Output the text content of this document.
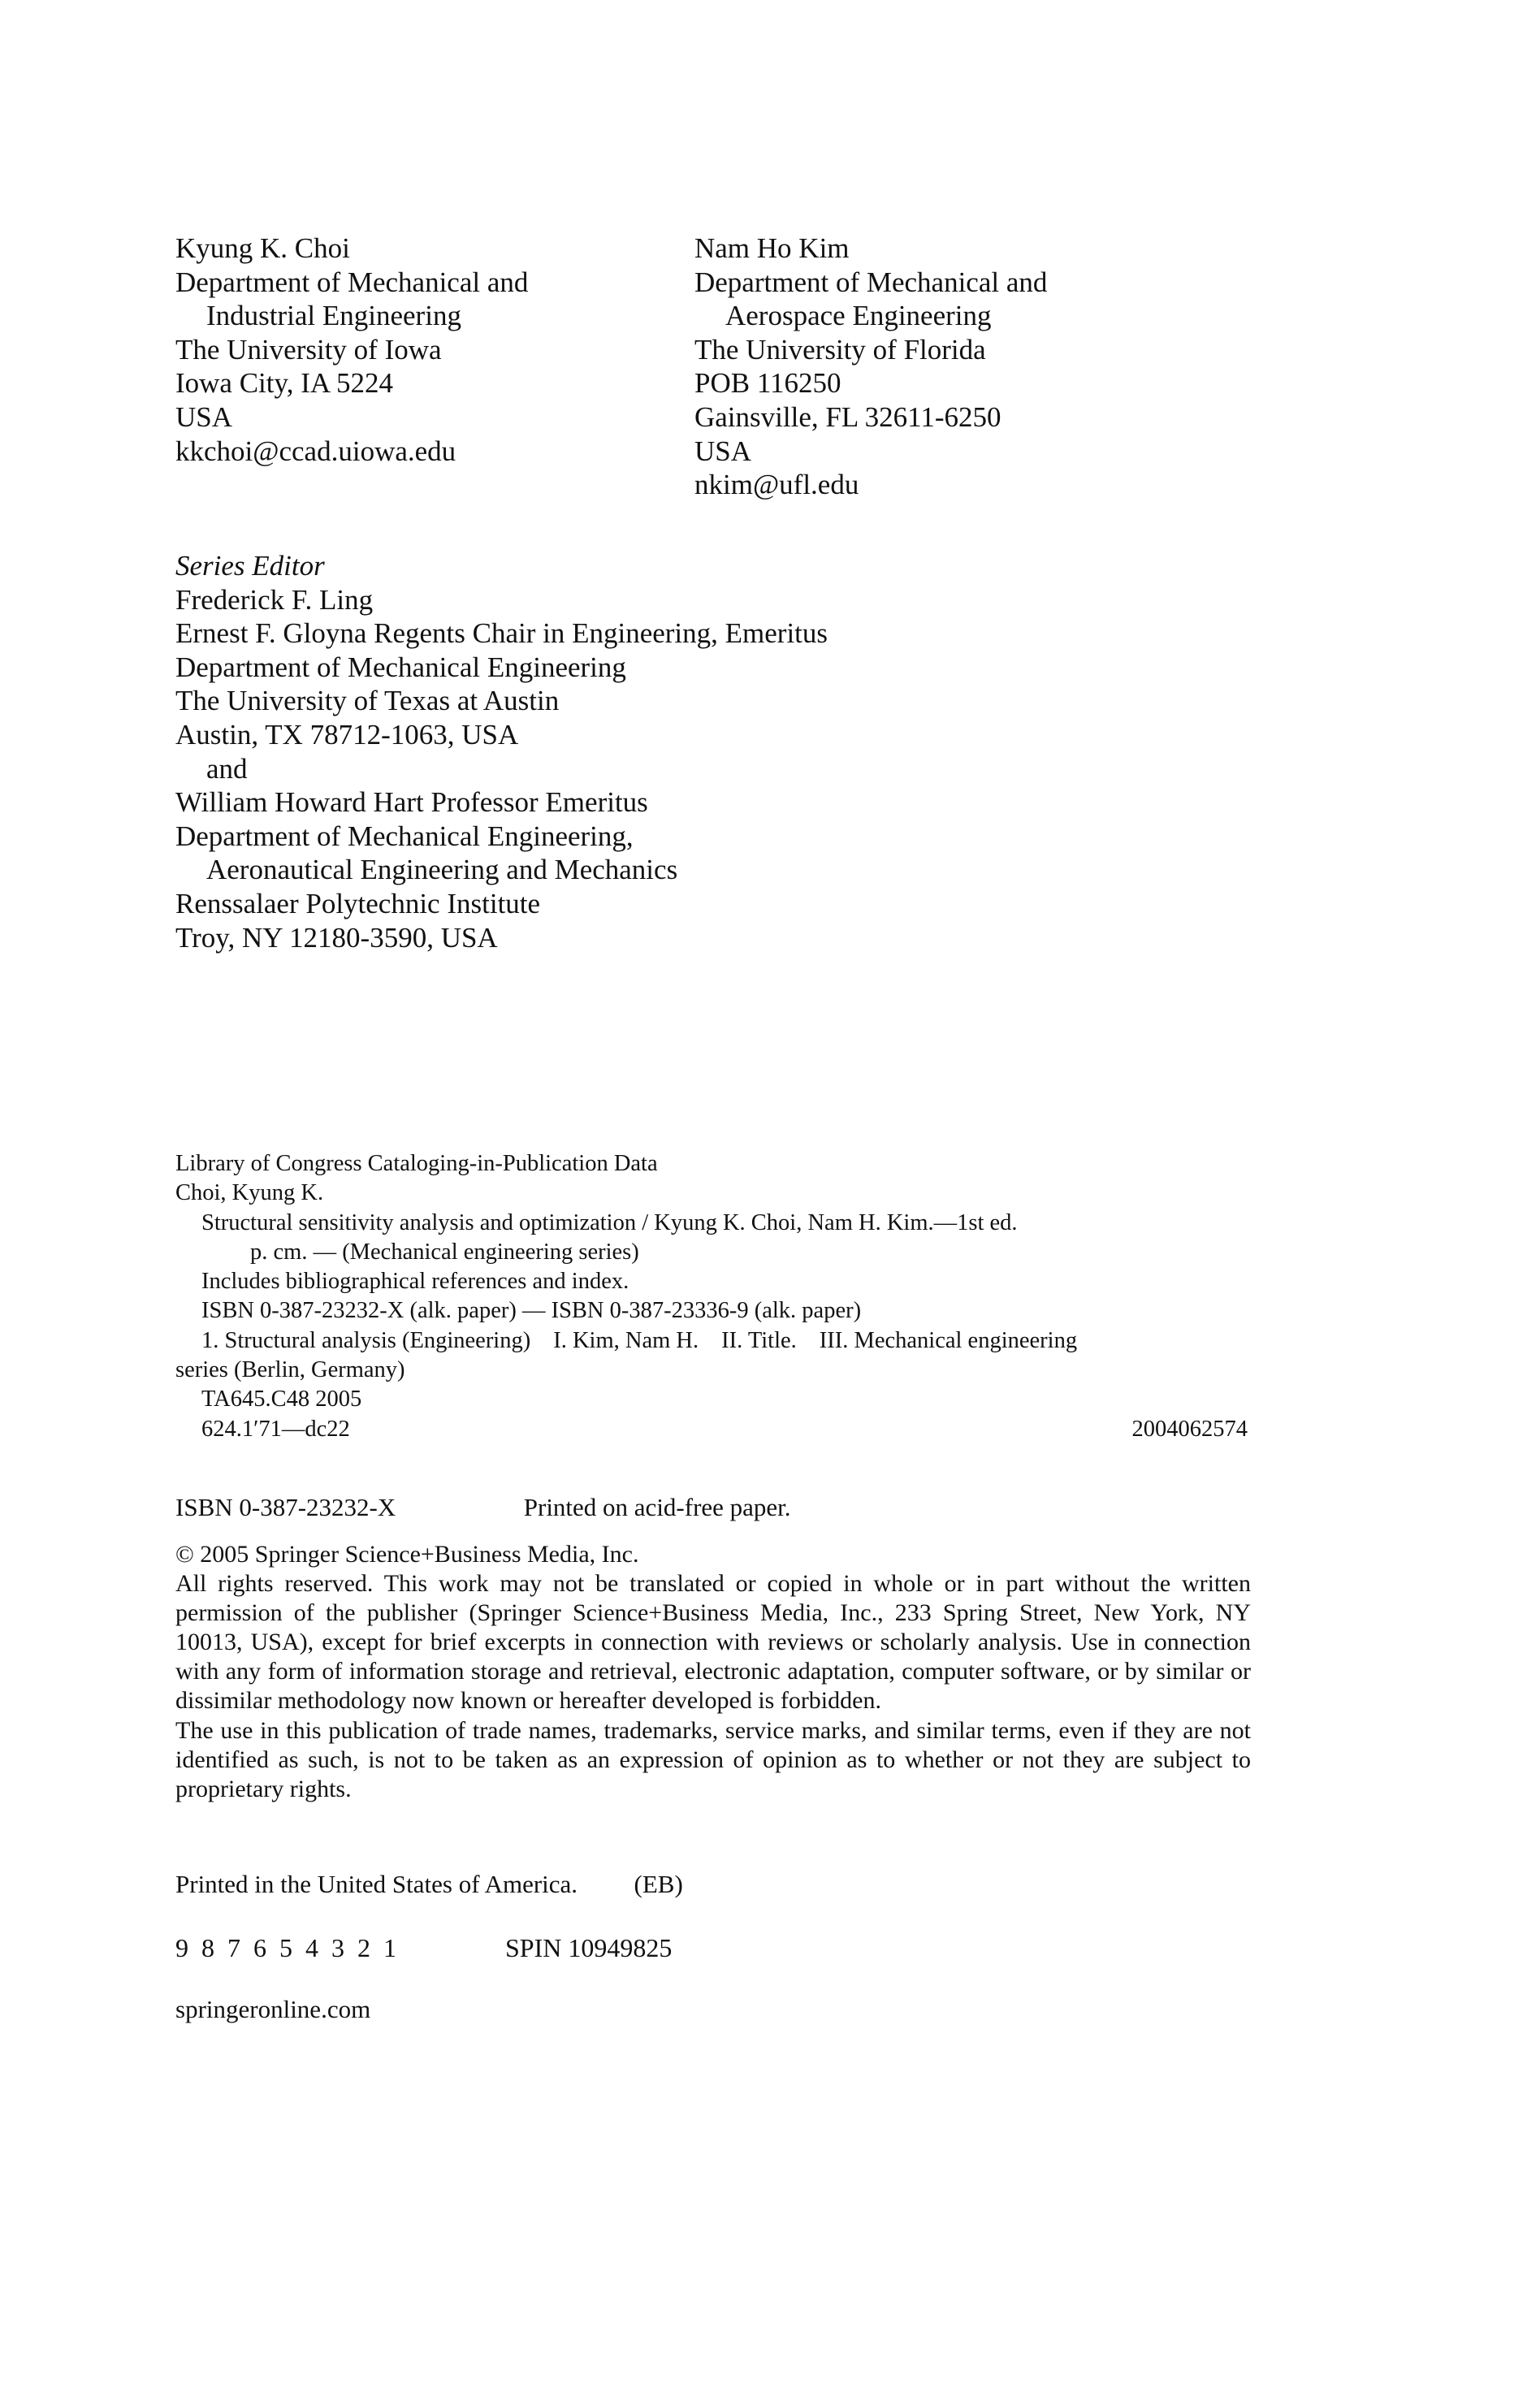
Kyung K. Choi
Department of Mechanical and
Industrial Engineering
The University of Iowa
Iowa City, IA 5224
USA
kkchoi@ccad.uiowa.edu
Nam Ho Kim
Department of Mechanical and
Aerospace Engineering
The University of Florida
POB 116250
Gainsville, FL 32611-6250
USA
nkim@ufl.edu
Series Editor
Frederick F. Ling
Ernest F. Gloyna Regents Chair in Engineering, Emeritus
Department of Mechanical Engineering
The University of Texas at Austin
Austin, TX 78712-1063, USA
and
William Howard Hart Professor Emeritus
Department of Mechanical Engineering,
Aeronautical Engineering and Mechanics
Renssalaer Polytechnic Institute
Troy, NY 12180-3590, USA
Library of Congress Cataloging-in-Publication Data
Choi, Kyung K.
Structural sensitivity analysis and optimization / Kyung K. Choi, Nam H. Kim.—1st ed.
p. cm. — (Mechanical engineering series)
Includes bibliographical references and index.
ISBN 0-387-23232-X (alk. paper) — ISBN 0-387-23336-9 (alk. paper)
1. Structural analysis (Engineering) I. Kim, Nam H. II. Title. III. Mechanical engineering
series (Berlin, Germany)
TA645.C48 2005
624.1′71—dc22	2004062574
ISBN 0-387-23232-X	Printed on acid-free paper.

© 2005 Springer Science+Business Media, Inc.

All rights reserved. This work may not be translated or copied in whole or in part without the written permission of the publisher (Springer Science+Business Media, Inc., 233 Spring Street, New York, NY 10013, USA), except for brief excerpts in connection with reviews or scholarly analysis. Use in connection with any form of information storage and retrieval, electronic adaptation, computer software, or by similar or dissimilar methodology now known or hereafter developed is forbidden.

The use in this publication of trade names, trademarks, service marks, and similar terms, even if they are not identified as such, is not to be taken as an expression of opinion as to whether or not they are subject to proprietary rights.

Printed in the United States of America. (EB)
9 8 7 6 5 4 3 2 1	SPIN 10949825
springeronline.com
